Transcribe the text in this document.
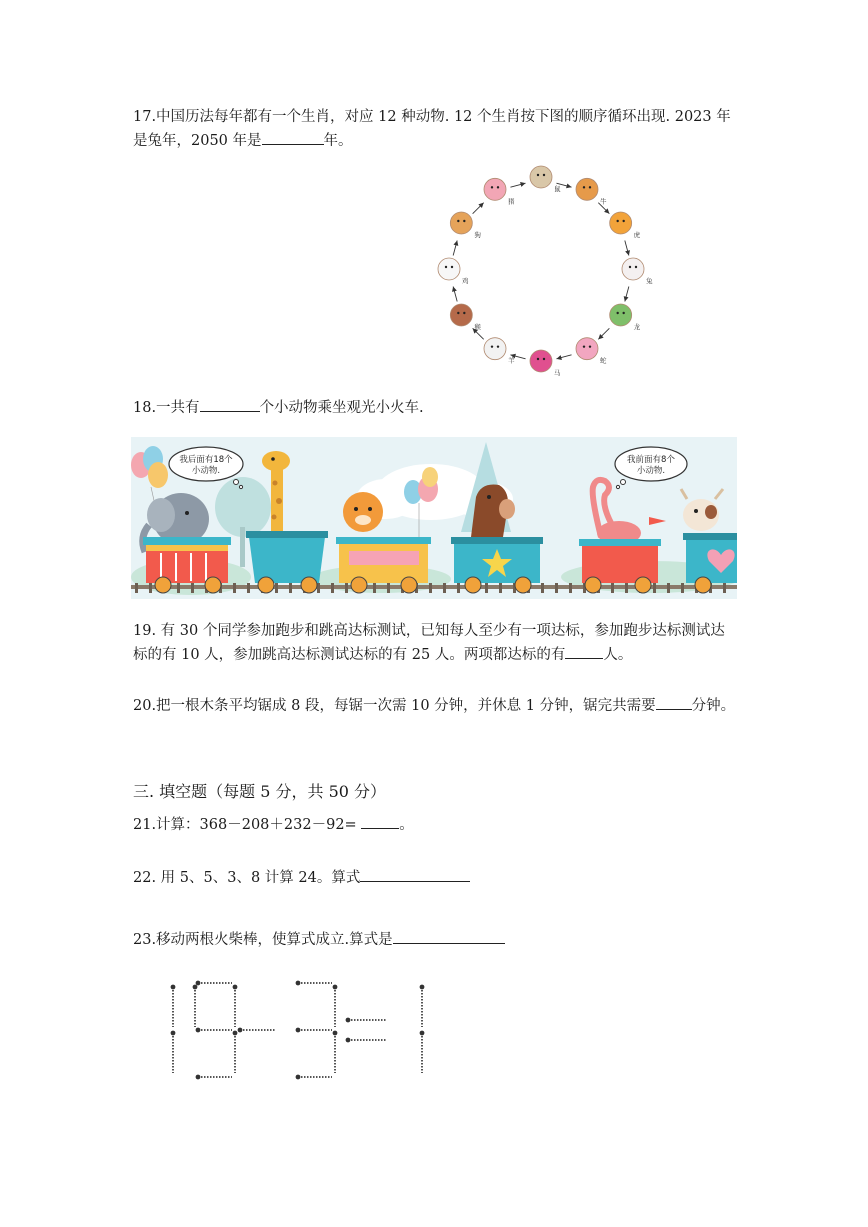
17.中国历法每年都有一个生肖，对应 12 种动物. 12 个生肖按下图的顺序循环出现. 2023 年是兔年，2050 年是	年。
鼠
牛
虎
兔
龙
蛇
马
羊
猴
鸡
狗
猪
18.一共有	个小动物乘坐观光小火车.
我后面有18个
小动物.
我前面有8个
小动物.
19. 有 30 个同学参加跑步和跳高达标测试，已知每人至少有一项达标，参加跑步达标测试达标的有 10 人，参加跳高达标测试达标的有 25 人。两项都达标的有	人。
20.把一根木条平均锯成 8 段，每锯一次需 10 分钟，并休息 1 分钟，锯完共需要 分钟。
三. 填空题（每题 5 分，共 50 分）
21.计算：368－208＋232－92=	。
22. 用 5、5、3、8 计算 24。算式
23.移动两根火柴棒，使算式成立.算式是
